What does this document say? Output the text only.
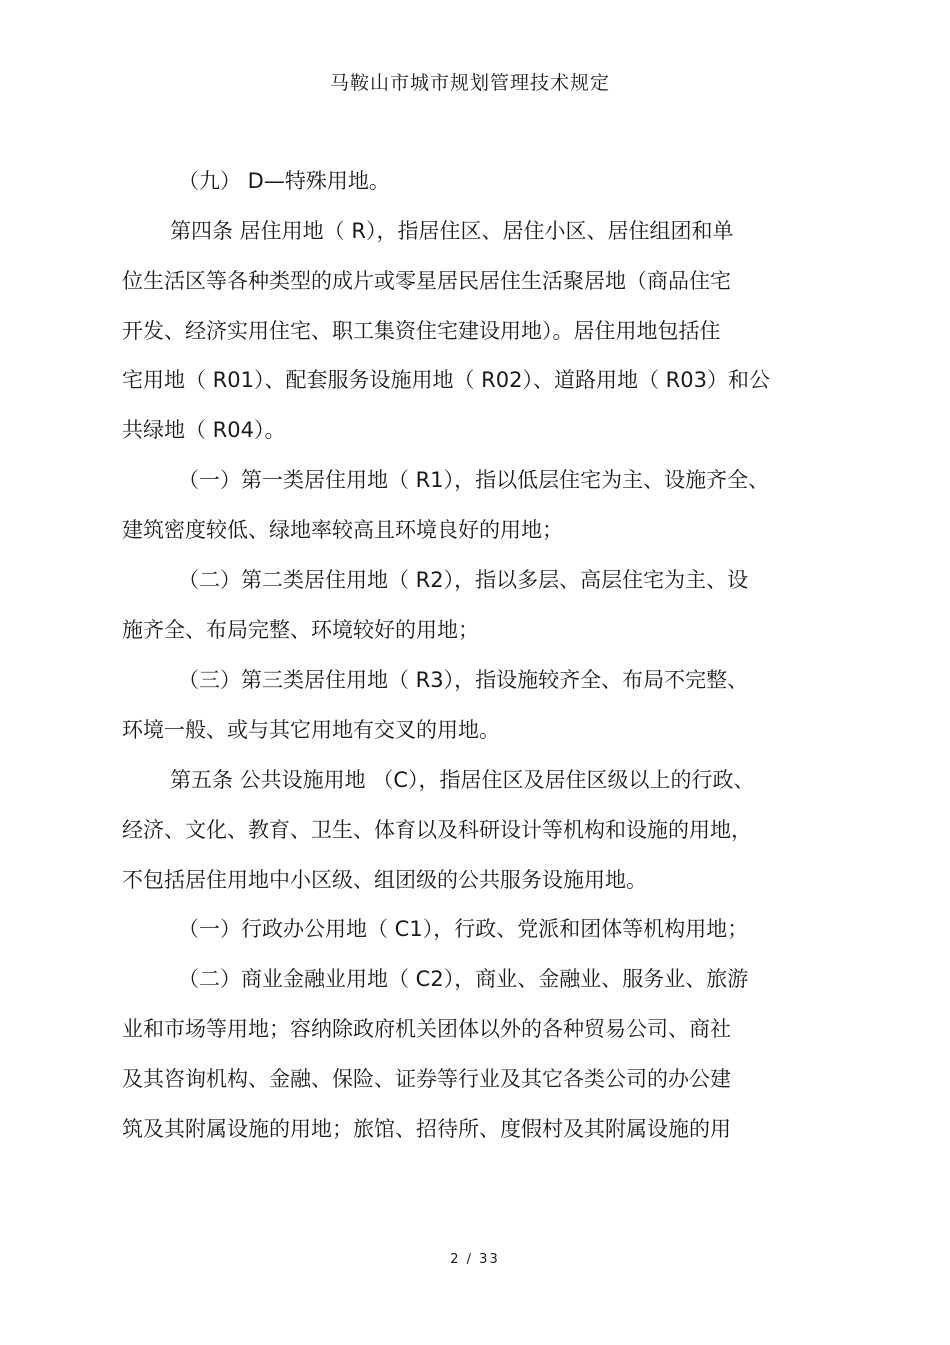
马鞍山市城市规划管理技术规定
（九） D—特殊用地。
第四条 居住用地（ R），指居住区、居住小区、居住组团和单
位生活区等各种类型的成片或零星居民居住生活聚居地（商品住宅
开发、经济实用住宅、职工集资住宅建设用地）。居住用地包括住
宅用地（ R01）、配套服务设施用地（ R02）、道路用地（ R03）和公
共绿地（ R04）。
（一）第一类居住用地（ R1），指以低层住宅为主、设施齐全、
建筑密度较低、绿地率较高且环境良好的用地；
（二）第二类居住用地（ R2），指以多层、高层住宅为主、设
施齐全、布局完整、环境较好的用地；
（三）第三类居住用地（ R3），指设施较齐全、布局不完整、
环境一般、或与其它用地有交叉的用地。
第五条 公共设施用地 （C），指居住区及居住区级以上的行政、
经济、文化、教育、卫生、体育以及科研设计等机构和设施的用地，
不包括居住用地中小区级、组团级的公共服务设施用地。
（一）行政办公用地（ C1），行政、党派和团体等机构用地；
（二）商业金融业用地（ C2），商业、金融业、服务业、旅游
业和市场等用地；容纳除政府机关团体以外的各种贸易公司、商社
及其咨询机构、金融、保险、证券等行业及其它各类公司的办公建
筑及其附属设施的用地；旅馆、招待所、度假村及其附属设施的用
2 / 33
